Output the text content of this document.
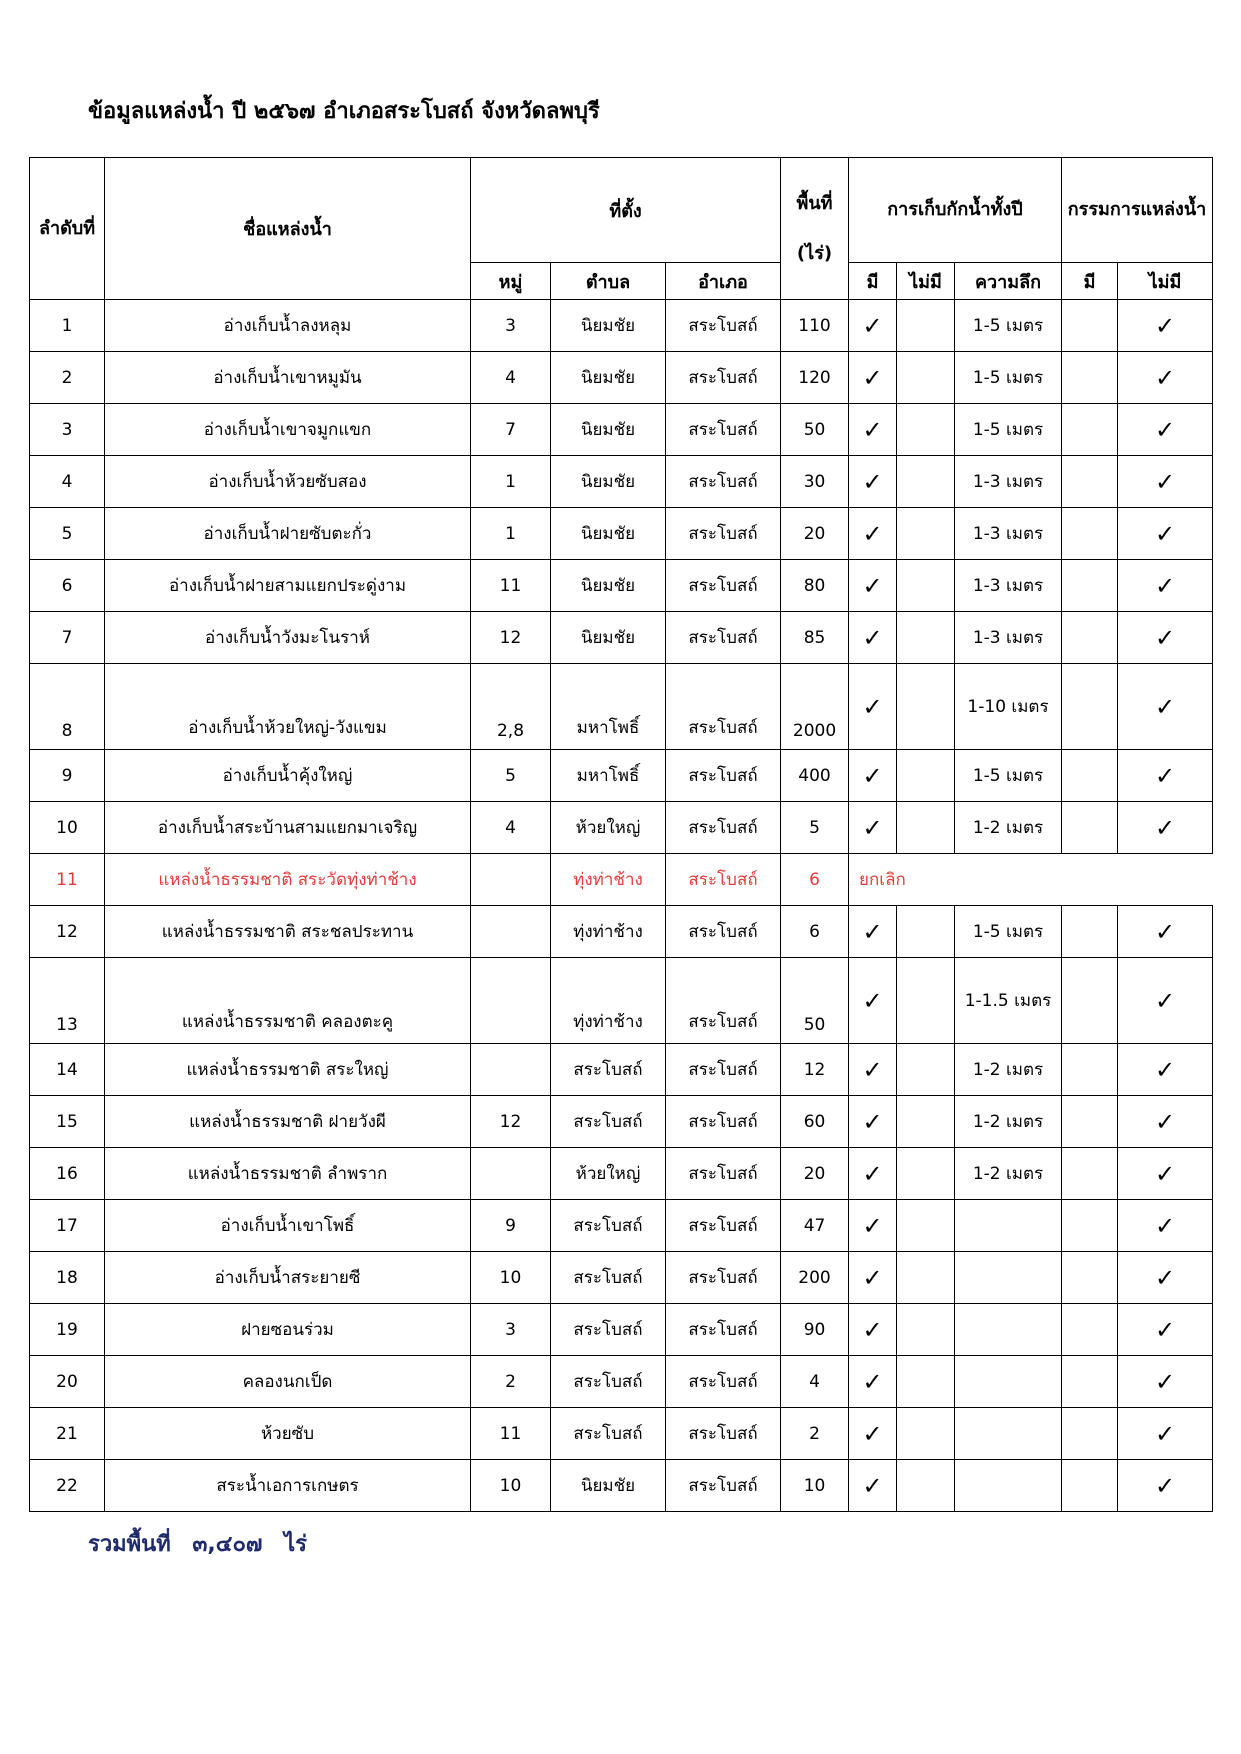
ข้อมูลแหล่งน้ำ ปี ๒๕๖๗ อำเภอสระโบสถ์ จังหวัดลพบุรี
ลำดับที่	ชื่อแหล่งน้ำ	ที่ตั้ง			พื้นที่ (ไร่)	การเก็บกักน้ำทั้งปี			กรรมการแหล่งน้ำ	
		หมู่	ตำบล	อำเภอ		มี	ไม่มี	ความลึก	มี	ไม่มี
1	อ่างเก็บน้ำลงหลุม	3	นิยมชัย	สระโบสถ์	110	✓		1-5 เมตร		✓
2	อ่างเก็บน้ำเขาหมูมัน	4	นิยมชัย	สระโบสถ์	120	✓		1-5 เมตร		✓
3	อ่างเก็บน้ำเขาจมูกแขก	7	นิยมชัย	สระโบสถ์	50	✓		1-5 เมตร		✓
4	อ่างเก็บน้ำห้วยซับสอง	1	นิยมชัย	สระโบสถ์	30	✓		1-3 เมตร		✓
5	อ่างเก็บน้ำฝายซับตะกั่ว	1	นิยมชัย	สระโบสถ์	20	✓		1-3 เมตร		✓
6	อ่างเก็บน้ำฝายสามแยกประดู่งาม	11	นิยมชัย	สระโบสถ์	80	✓		1-3 เมตร		✓
7	อ่างเก็บน้ำวังมะโนราห์	12	นิยมชัย	สระโบสถ์	85	✓		1-3 เมตร		✓
8	อ่างเก็บน้ำห้วยใหญ่-วังแขม	2,8	มหาโพธิ์	สระโบสถ์	2000	✓		1-10 เมตร		✓
9	อ่างเก็บน้ำคุ้งใหญ่	5	มหาโพธิ์	สระโบสถ์	400	✓		1-5 เมตร		✓
10	อ่างเก็บน้ำสระบ้านสามแยกมาเจริญ	4	ห้วยใหญ่	สระโบสถ์	5	✓		1-2 เมตร		✓
11	แหล่งน้ำธรรมชาติ สระวัดทุ่งท่าช้าง		ทุ่งท่าช้าง	สระโบสถ์	6	ยกเลิก				
12	แหล่งน้ำธรรมชาติ สระชลประทาน		ทุ่งท่าช้าง	สระโบสถ์	6	✓		1-5 เมตร		✓
13	แหล่งน้ำธรรมชาติ คลองตะคู		ทุ่งท่าช้าง	สระโบสถ์	50	✓		1-1.5 เมตร		✓
14	แหล่งน้ำธรรมชาติ สระใหญ่		สระโบสถ์	สระโบสถ์	12	✓		1-2 เมตร		✓
15	แหล่งน้ำธรรมชาติ ฝายวังผี	12	สระโบสถ์	สระโบสถ์	60	✓		1-2 เมตร		✓
16	แหล่งน้ำธรรมชาติ ลำพราก		ห้วยใหญ่	สระโบสถ์	20	✓		1-2 เมตร		✓
17	อ่างเก็บน้ำเขาโพธิ์	9	สระโบสถ์	สระโบสถ์	47	✓				✓
18	อ่างเก็บน้ำสระยายซี	10	สระโบสถ์	สระโบสถ์	200	✓				✓
19	ฝายซอนร่วม	3	สระโบสถ์	สระโบสถ์	90	✓				✓
20	คลองนกเป็ด	2	สระโบสถ์	สระโบสถ์	4	✓				✓
21	ห้วยซับ	11	สระโบสถ์	สระโบสถ์	2	✓				✓
22	สระน้ำเอการเกษตร	10	นิยมชัย	สระโบสถ์	10	✓				✓
รวมพื้นที่ ๓,๔๐๗ ไร่
